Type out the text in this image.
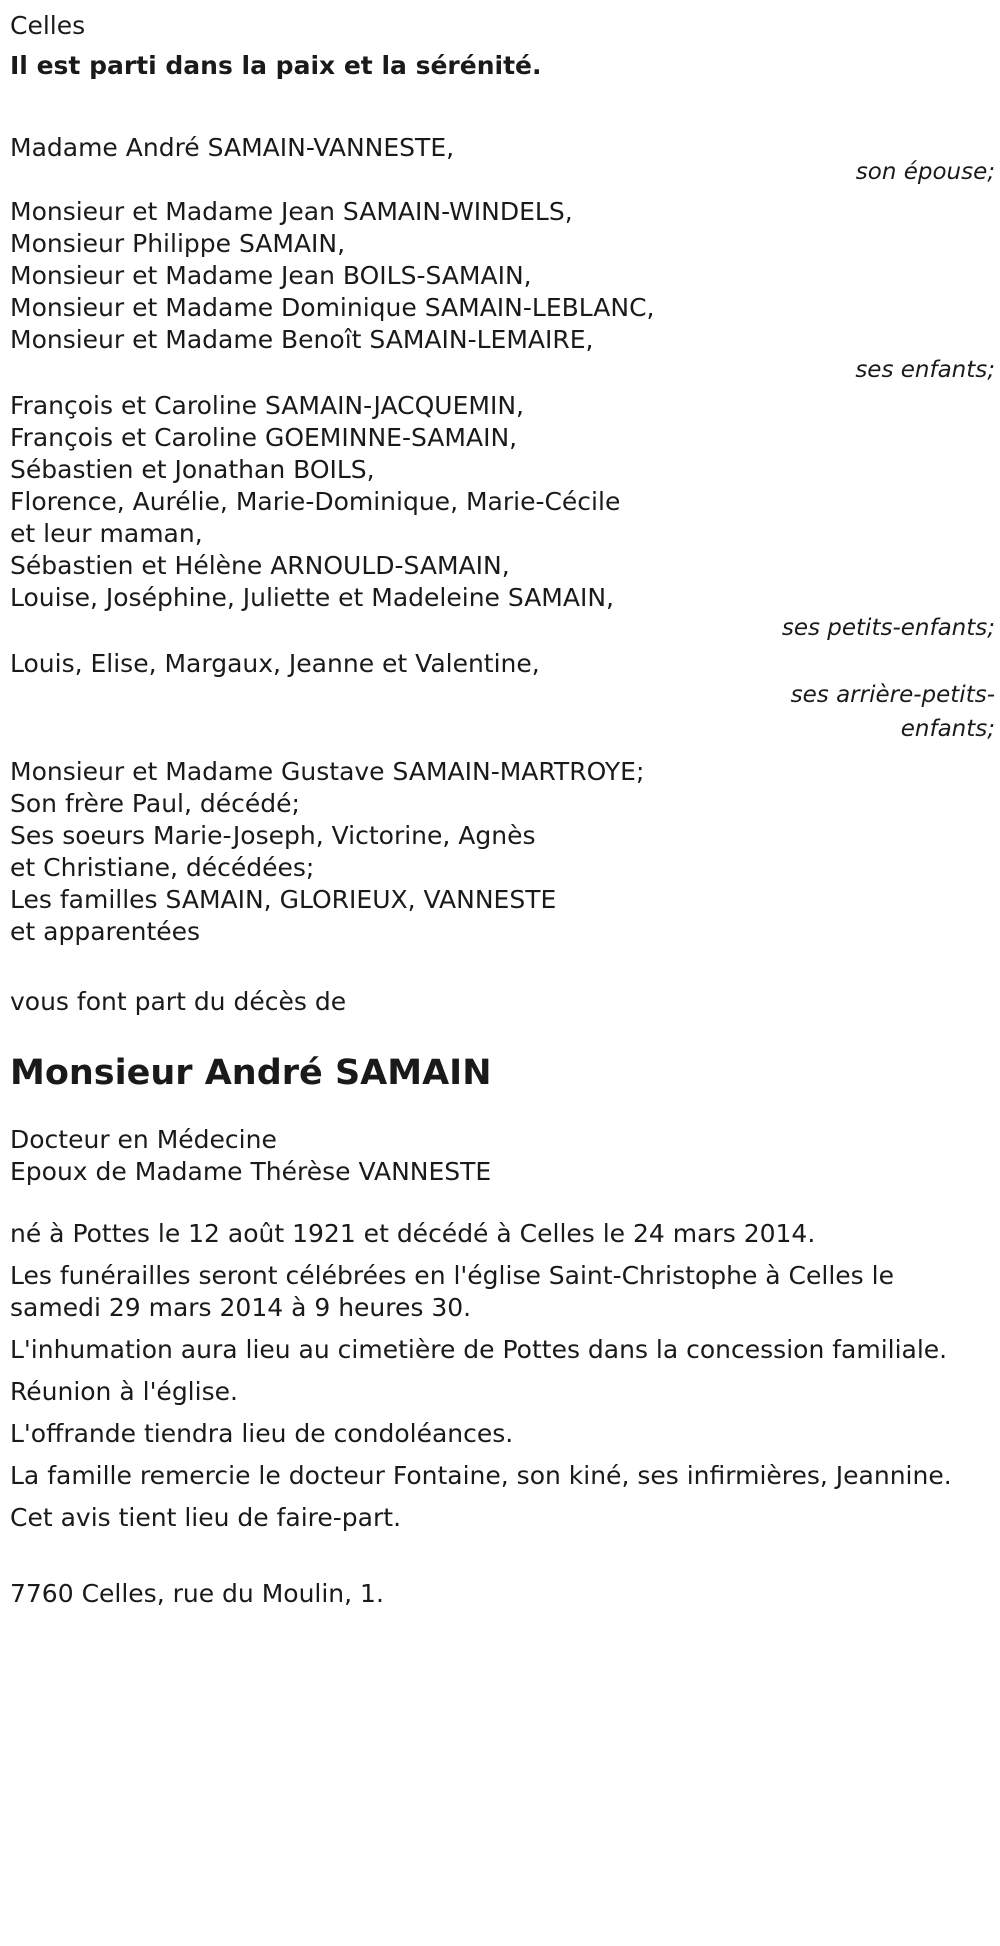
Celles
Il est parti dans la paix et la sérénité.
Madame André SAMAIN-VANNESTE,
son épouse;
Monsieur et Madame Jean SAMAIN-WINDELS,
Monsieur Philippe SAMAIN,
Monsieur et Madame Jean BOILS-SAMAIN,
Monsieur et Madame Dominique SAMAIN-LEBLANC,
Monsieur et Madame Benoît SAMAIN-LEMAIRE,
ses enfants;
François et Caroline SAMAIN-JACQUEMIN,
François et Caroline GOEMINNE-SAMAIN,
Sébastien et Jonathan BOILS,
Florence, Aurélie, Marie-Dominique, Marie-Cécile
et leur maman,
Sébastien et Hélène ARNOULD-SAMAIN,
Louise, Joséphine, Juliette et Madeleine SAMAIN,
ses petits-enfants;
Louis, Elise, Margaux, Jeanne et Valentine,
ses arrière-petits-enfants;
Monsieur et Madame Gustave SAMAIN-MARTROYE;
Son frère Paul, décédé;
Ses soeurs Marie-Joseph, Victorine, Agnès
et Christiane, décédées;
Les familles SAMAIN, GLORIEUX, VANNESTE
et apparentées
vous font part du décès de
Monsieur André SAMAIN
Docteur en Médecine
Epoux de Madame Thérèse VANNESTE
né à Pottes le 12 août 1921 et décédé à Celles le 24 mars 2014.
Les funérailles seront célébrées en l'église Saint-Christophe à Celles le samedi 29 mars 2014 à 9 heures 30.
L'inhumation aura lieu au cimetière de Pottes dans la concession familiale.
Réunion à l'église.
L'offrande tiendra lieu de condoléances.
La famille remercie le docteur Fontaine, son kiné, ses infirmières, Jeannine.
Cet avis tient lieu de faire-part.
7760 Celles, rue du Moulin, 1.
